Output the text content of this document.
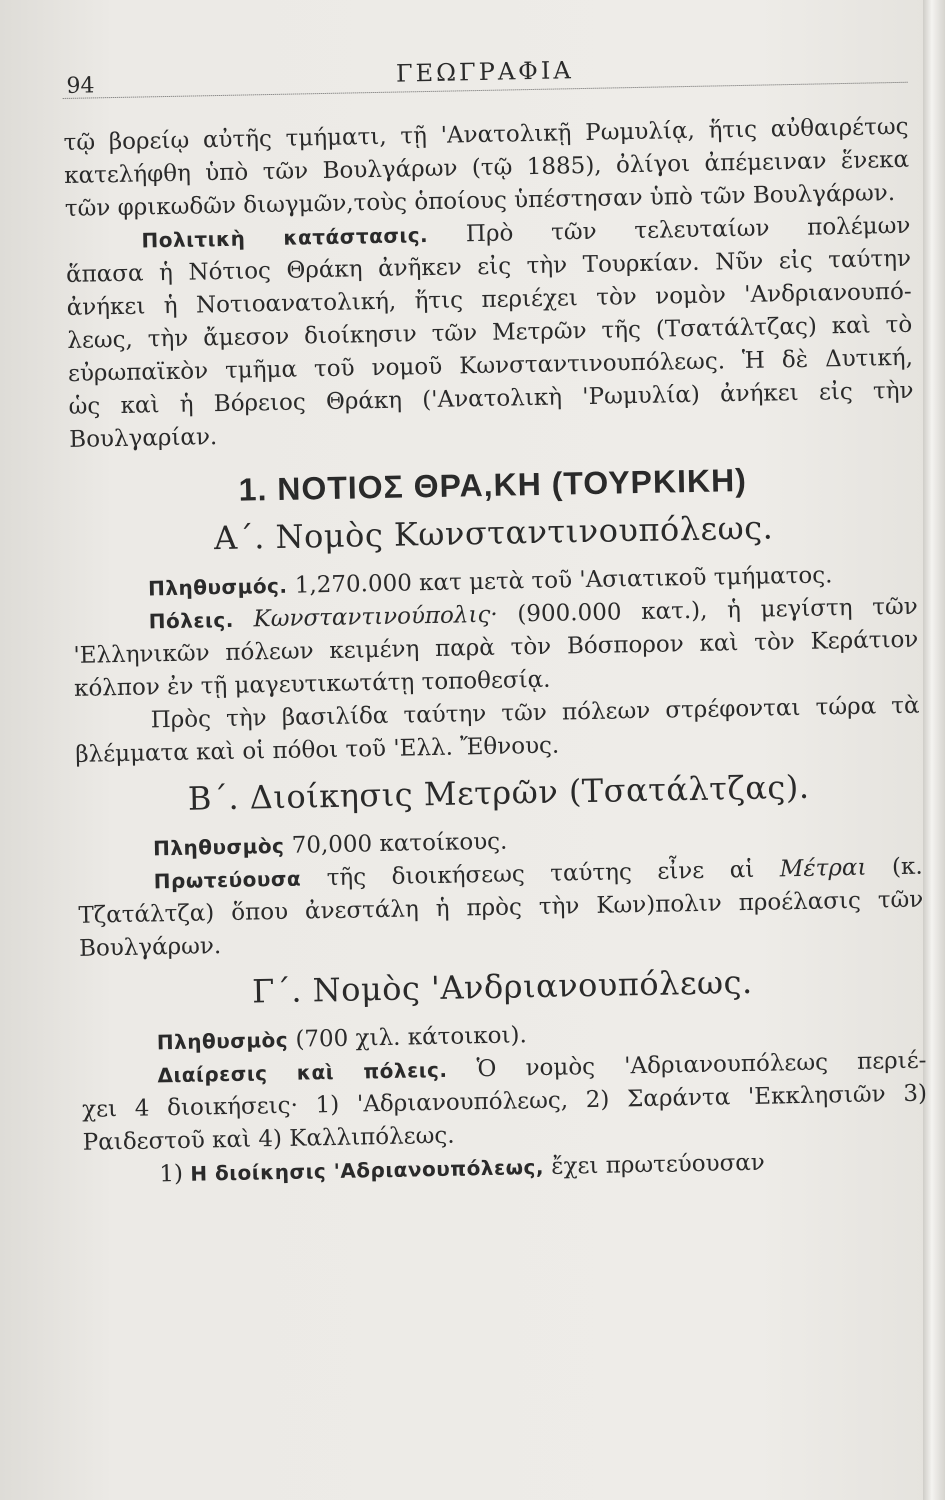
94	ΓΕΩΓΡΑΦΙΑ
τῷ βορείῳ αὐτῆς τμήματι, τῇ 'Ανατολικῇ Ρωμυλίᾳ, ἥτις αὐθαιρέτως
κατελήφθη ὑπὸ τῶν Βουλγάρων (τῷ 1885), ὀλίγοι ἀπέμειναν ἕνεκα
τῶν φρικωδῶν διωγμῶν,τοὺς ὁποίους ὑπέστησαν ὑπὸ τῶν Βουλγάρων.
Πολιτικὴ κατάστασις. Πρὸ τῶν τελευταίων πολέμων
ἅπασα ἡ Νότιος Θράκη ἀνῆκεν εἰς τὴν Τουρκίαν. Νῦν εἰς ταύτην
ἀνήκει ἡ Νοτιοανατολική, ἥτις περιέχει τὸν νομὸν 'Ανδριανουπό-
λεως, τὴν ἄμεσον διοίκησιν τῶν Μετρῶν τῆς (Τσατάλτζας) καὶ τὸ
εὐρωπαϊκὸν τμῆμα τοῦ νομοῦ Κωνσταντινουπόλεως. Ἡ δὲ Δυτική,
ὡς καὶ ἡ Βόρειος Θράκη ('Ανατολικὴ 'Ρωμυλία) ἀνήκει εἰς τὴν
Βουλγαρίαν.
1. ΝΟΤΙΟΣ ΘΡΑ,ΚΗ (ΤΟΥΡΚΙΚΗ)
Α΄. Νομὸς Κωνσταντινουπόλεως.
Πληθυσμός. 1,270.000 κατ μετὰ τοῦ 'Ασιατικοῦ τμήματος.
Πόλεις. Κωνσταντινούπολις· (900.000 κατ.), ἡ μεγίστη τῶν
'Ελληνικῶν πόλεων κειμένη παρὰ τὸν Βόσπορον καὶ τὸν Κεράτιον
κόλπον ἐν τῇ μαγευτικωτάτῃ τοποθεσίᾳ.
Πρὸς τὴν βασιλίδα ταύτην τῶν πόλεων στρέφονται τώρα τὰ
βλέμματα καὶ οἱ πόθοι τοῦ 'Ελλ. Ἔθνους.
Β΄. Διοίκησις Μετρῶν (Τσατάλτζας).
Πληθυσμὸς 70,000 κατοίκους.
Πρωτεύουσα τῆς διοικήσεως ταύτης εἶνε αἱ Μέτραι (κ.
Τζατάλτζα) ὅπου ἀνεστάλη ἡ πρὸς τὴν Κων)πολιν προέλασις τῶν
Βουλγάρων.
Γ΄. Νομὸς 'Ανδριανουπόλεως.
Πληθυσμὸς (700 χιλ. κάτοικοι).
Διαίρεσις καὶ πόλεις. Ὁ νομὸς 'Αδριανουπόλεως περιέ-
χει 4 διοικήσεις· 1) 'Αδριανουπόλεως, 2) Σαράντα 'Εκκλησιῶν 3)
Ραιδεστοῦ καὶ 4) Καλλιπόλεως.
1) Η διοίκησις 'Αδριανουπόλεως, ἔχει πρωτεύουσαν
